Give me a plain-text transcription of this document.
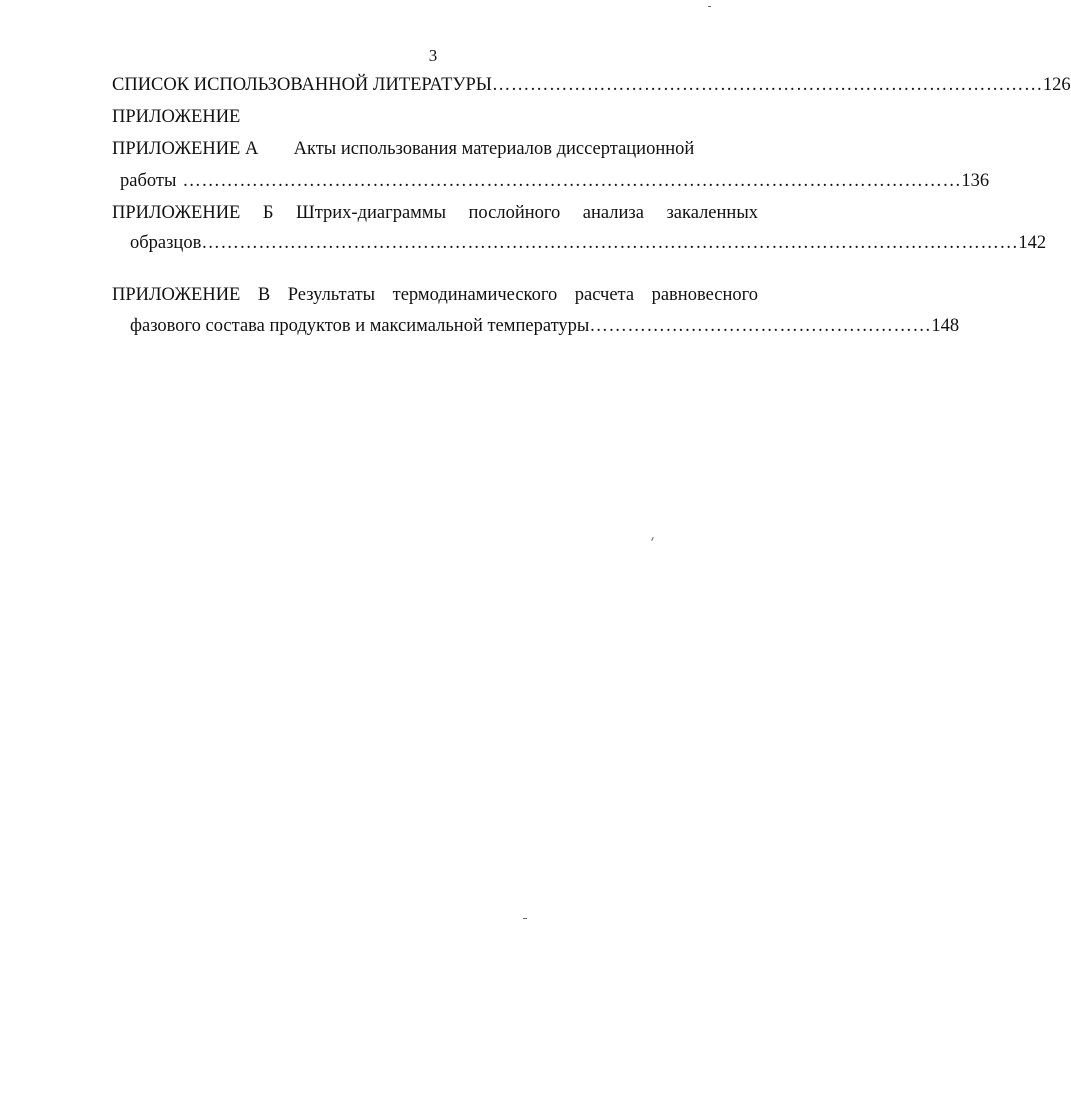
3
СПИСОК ИСПОЛЬЗОВАННОЙ ЛИТЕРАТУРЫ …………………………………………………………………………… 126
ПРИЛОЖЕНИЕ
ПРИЛОЖЕНИЕ А Акты использования материалов диссертационной
работы …………………………………………………………………………………………………………… 136
ПРИЛОЖЕНИЕ Б Штрих-диаграммы послойного анализа закаленных
образцов ………………………………………………………………………………………………………………… 142
ПРИЛОЖЕНИЕ В Результаты термодинамического расчета равновесного
фазового состава продуктов и максимальной температуры ……………………………………………… 148
